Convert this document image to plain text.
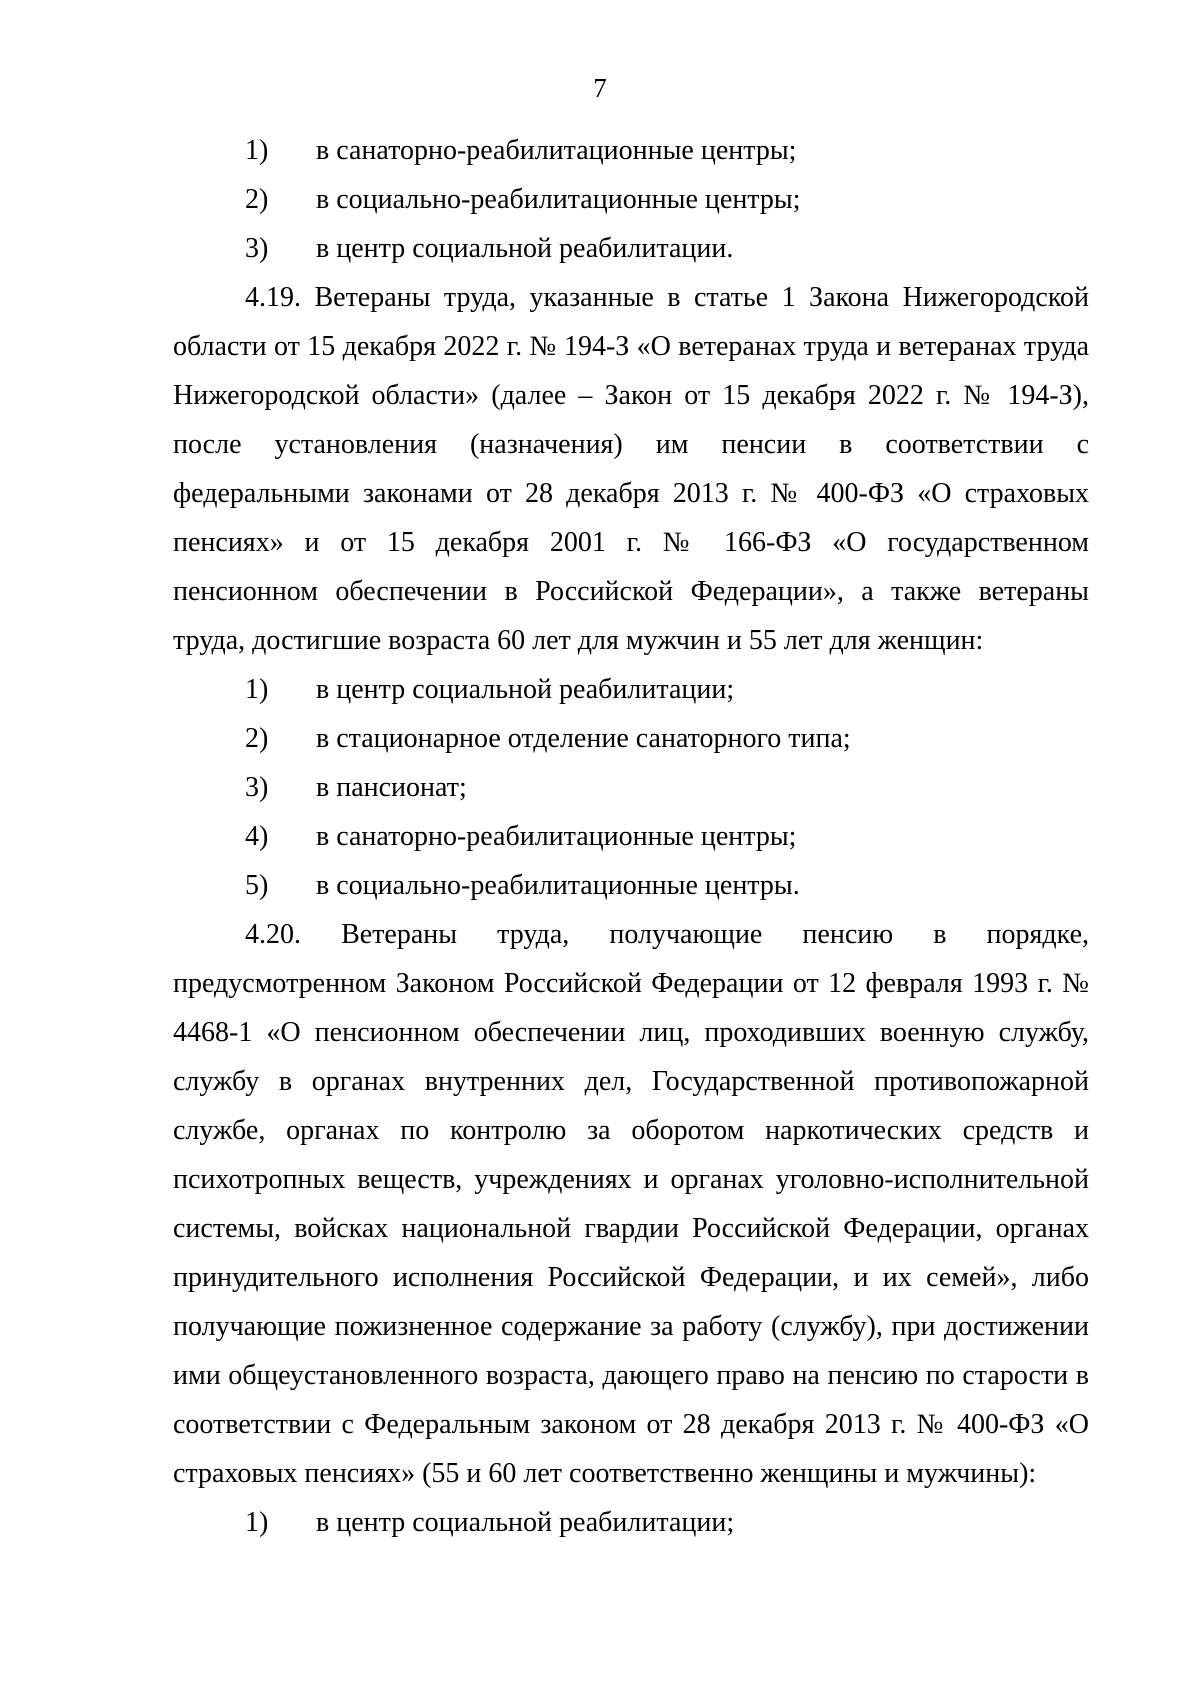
7
1)	в санаторно-реабилитационные центры;
2)	в социально-реабилитационные центры;
3)	в центр социальной реабилитации.

4.19. Ветераны труда, указанные в статье 1 Закона Нижегородской области от 15 декабря 2022 г. № 194-З «О ветеранах труда и ветеранах труда Нижегородской области» (далее – Закон от 15 декабря 2022 г. № 194-З), после установления (назначения) им пенсии в соответствии с федеральными законами от 28 декабря 2013 г. № 400-ФЗ «О страховых пенсиях» и от 15 декабря 2001 г. № 166-ФЗ «О государственном пенсионном обеспечении в Российской Федерации», а также ветераны труда, достигшие возраста 60 лет для мужчин и 55 лет для женщин:

1)	в центр социальной реабилитации;
2)	в стационарное отделение санаторного типа;
3)	в пансионат;
4)	в санаторно-реабилитационные центры;
5)	в социально-реабилитационные центры.

4.20. Ветераны труда, получающие пенсию в порядке, предусмотренном Законом Российской Федерации от 12 февраля 1993 г. № 4468-1 «О пенсионном обеспечении лиц, проходивших военную службу, службу в органах внутренних дел, Государственной противопожарной службе, органах по контролю за оборотом наркотических средств и психотропных веществ, учреждениях и органах уголовно-исполнительной системы, войсках национальной гвардии Российской Федерации, органах принудительного исполнения Российской Федерации, и их семей», либо получающие пожизненное содержание за работу (службу), при достижении ими общеустановленного возраста, дающего право на пенсию по старости в соответствии с Федеральным законом от 28 декабря 2013 г. № 400-ФЗ «О страховых пенсиях» (55 и 60 лет соответственно женщины и мужчины):

1)	в центр социальной реабилитации;
